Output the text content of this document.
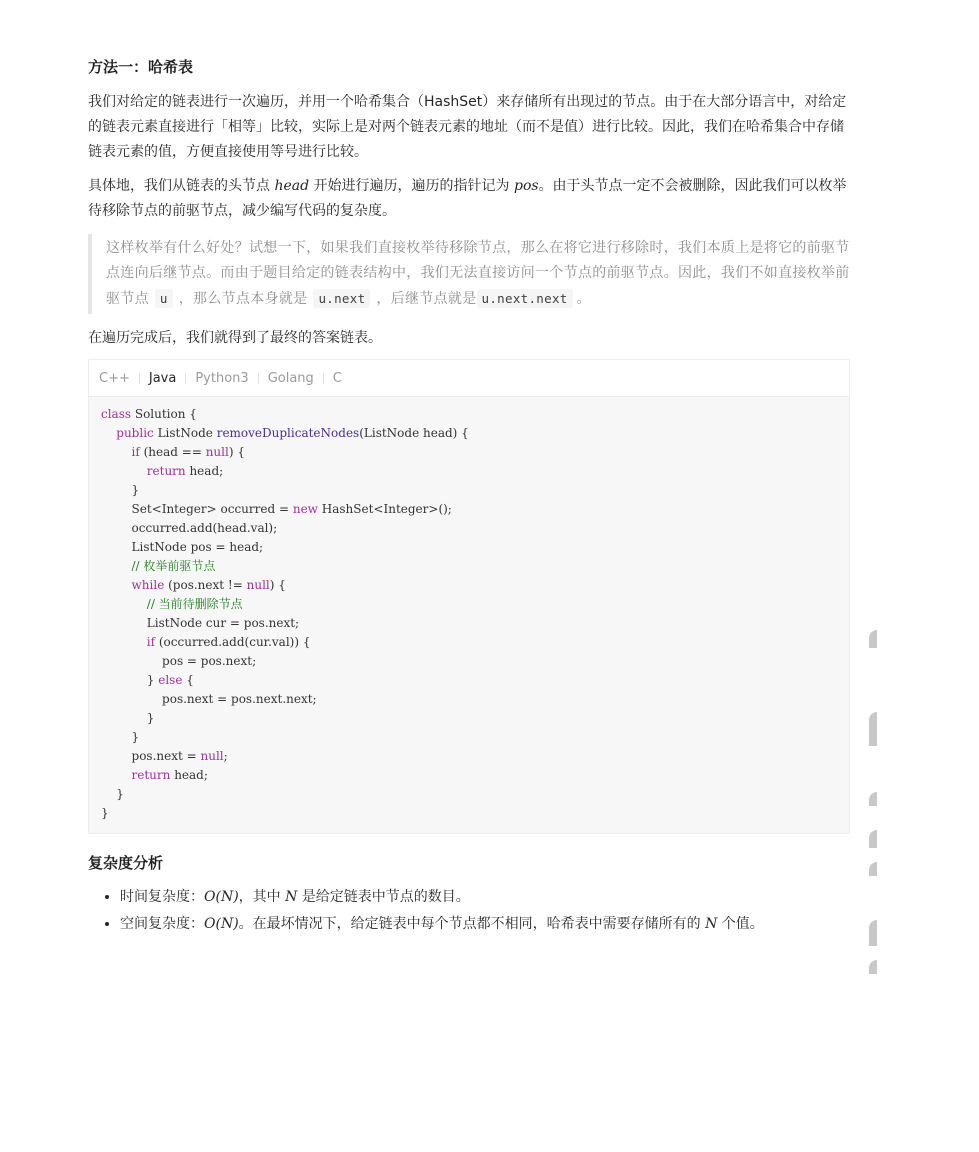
方法一：哈希表

我们对给定的链表进行一次遍历，并用一个哈希集合（HashSet）来存储所有出现过的节点。由于在大部分语言中，对给定的链表元素直接进行「相等」比较，实际上是对两个链表元素的地址（而不是值）进行比较。因此，我们在哈希集合中存储链表元素的值，方便直接使用等号进行比较。

具体地，我们从链表的头节点 head 开始进行遍历，遍历的指针记为 pos。由于头节点一定不会被删除，因此我们可以枚举待移除节点的前驱节点，减少编写代码的复杂度。

这样枚举有什么好处？试想一下，如果我们直接枚举待移除节点，那么在将它进行移除时，我们本质上是将它的前驱节点连向后继节点。而由于题目给定的链表结构中，我们无法直接访问一个节点的前驱节点。因此，我们不如直接枚举前驱节点 u ，那么节点本身就是 u.next ，后继节点就是 u.next.next 。

在遍历完成后，我们就得到了最终的答案链表。

C++	Java	Python3	Golang	C
class Solution {
public ListNode removeDuplicateNodes(ListNode head) {
if (head == null) {
return head;
}
Set<Integer> occurred = new HashSet<Integer>();
occurred.add(head.val);
ListNode pos = head;
// 枚举前驱节点
while (pos.next != null) {
// 当前待删除节点
ListNode cur = pos.next;
if (occurred.add(cur.val)) {
pos = pos.next;
} else {
pos.next = pos.next.next;
}
}
pos.next = null;
return head;
}
}
复杂度分析
• 时间复杂度：O(N)，其中 N 是给定链表中节点的数目。
• 空间复杂度：O(N)。在最坏情况下，给定链表中每个节点都不相同，哈希表中需要存储所有的 N 个值。
